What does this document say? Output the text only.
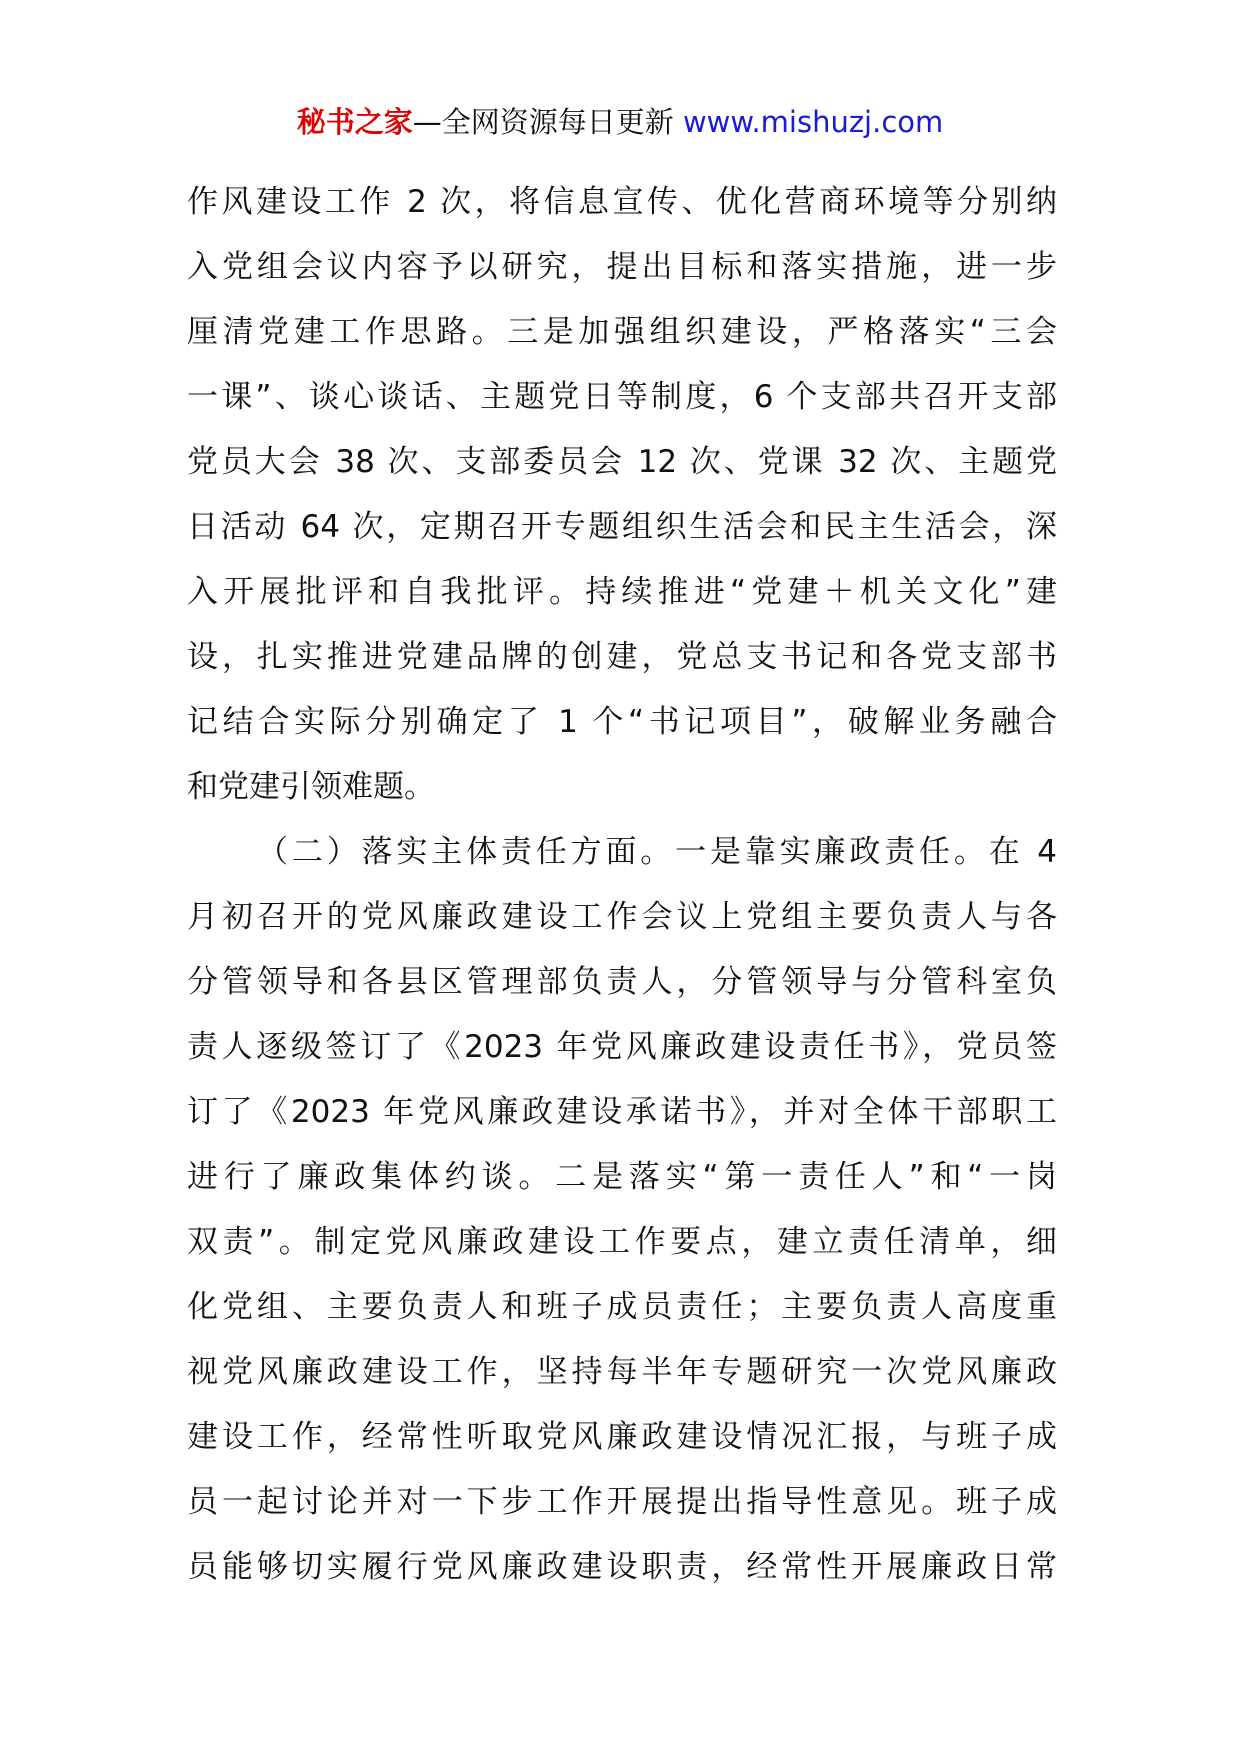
秘书之家—全网资源每日更新 www.mishuzj.com
作风建设工作 2 次，将信息宣传、优化营商环境等分别纳
入党组会议内容予以研究，提出目标和落实措施，进一步
厘清党建工作思路。三是加强组织建设，严格落实“三会
一课”、谈心谈话、主题党日等制度，6 个支部共召开支部
党员大会 38 次、支部委员会 12 次、党课 32 次、主题党
日活动 64 次，定期召开专题组织生活会和民主生活会，深
入开展批评和自我批评。持续推进“党建＋机关文化”建
设，扎实推进党建品牌的创建，党总支书记和各党支部书
记结合实际分别确定了 1 个“书记项目”，破解业务融合
和党建引领难题。
（二）落实主体责任方面。一是靠实廉政责任。在 4
月初召开的党风廉政建设工作会议上党组主要负责人与各
分管领导和各县区管理部负责人，分管领导与分管科室负
责人逐级签订了《2023 年党风廉政建设责任书》，党员签
订了《2023 年党风廉政建设承诺书》，并对全体干部职工
进行了廉政集体约谈。二是落实“第一责任人”和“一岗
双责”。制定党风廉政建设工作要点，建立责任清单，细
化党组、主要负责人和班子成员责任；主要负责人高度重
视党风廉政建设工作，坚持每半年专题研究一次党风廉政
建设工作，经常性听取党风廉政建设情况汇报，与班子成
员一起讨论并对一下步工作开展提出指导性意见。班子成
员能够切实履行党风廉政建设职责，经常性开展廉政日常
